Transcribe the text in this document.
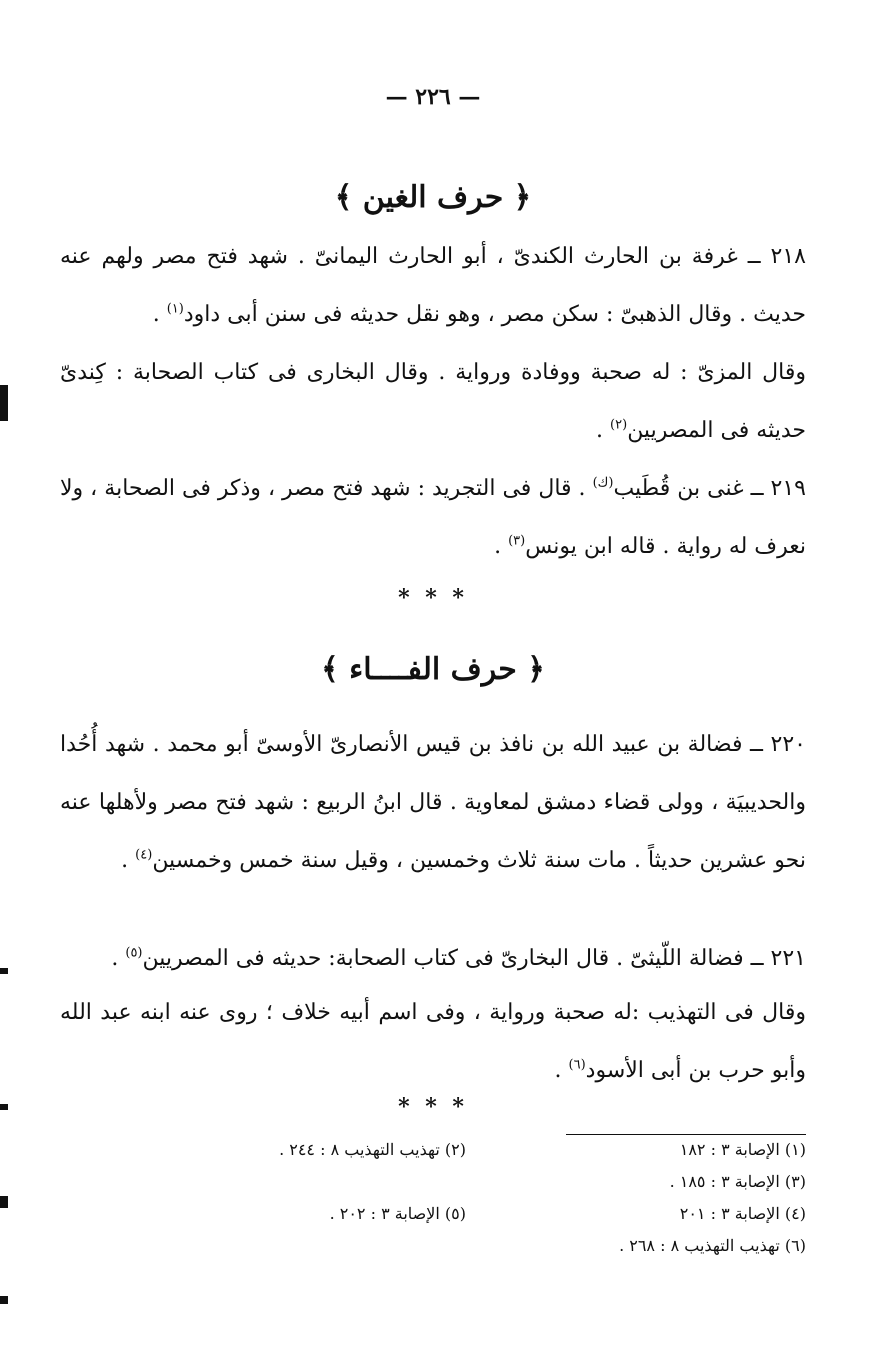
— ٢٢٦ —
﴿ حرف الغين ﴾

٢١٨ ــ غرفة بن الحارث الكندىّ ، أبو الحارث اليمانىّ . شهد فتح مصر ولهم عنه حديث . وقال الذهبىّ : سكن مصر ، وهو نقل حديثه فى سنن أبى داود$^{(١)}$ .

وقال المزىّ : له صحبة ووفادة ورواية . وقال البخارى فى كتاب الصحابة : كِندىّ حديثه فى المصريين$^{(٢)}$ .

٢١٩ ــ غنى بن قُطَيب$^{(ك)}$ . قال فى التجريد : شهد فتح مصر ، وذكر فى الصحابة ، ولا نعرف له رواية . قاله ابن يونس$^{(٣)}$ .

* * *
﴿ حرف الفــــاء ﴾

٢٢٠ ــ فضالة بن عبيد الله بن نافذ بن قيس الأنصارىّ الأوسىّ أبو محمد . شهد أُحُدا والحديبيَة ، وولى قضاء دمشق لمعاوية . قال ابنُ الربيع : شهد فتح مصر ولأهلها عنه نحو عشرين حديثاً . مات سنة ثلاث وخمسين ، وقيل سنة خمس وخمسين$^{(٤)}$ .

٢٢١ ــ فضالة اللّيثىّ . قال البخارىّ فى كتاب الصحابة: حديثه فى المصريين$^{(٥)}$ .

وقال فى التهذيب :له صحبة ورواية ، وفى اسم أبيه خلاف ؛ روى عنه ابنه عبد الله وأبو حرب بن أبى الأسود$^{(٦)}$ .

* * *
(١) الإصابة ٣ : ١٨٢
(٢) تهذيب التهذيب ٨ : ٢٤٤ .
(٣) الإصابة ٣ : ١٨٥ .
(٤) الإصابة ٣ : ٢٠١
(٥) الإصابة ٣ : ٢٠٢ .
(٦) تهذيب التهذيب ٨ : ٢٦٨ .
